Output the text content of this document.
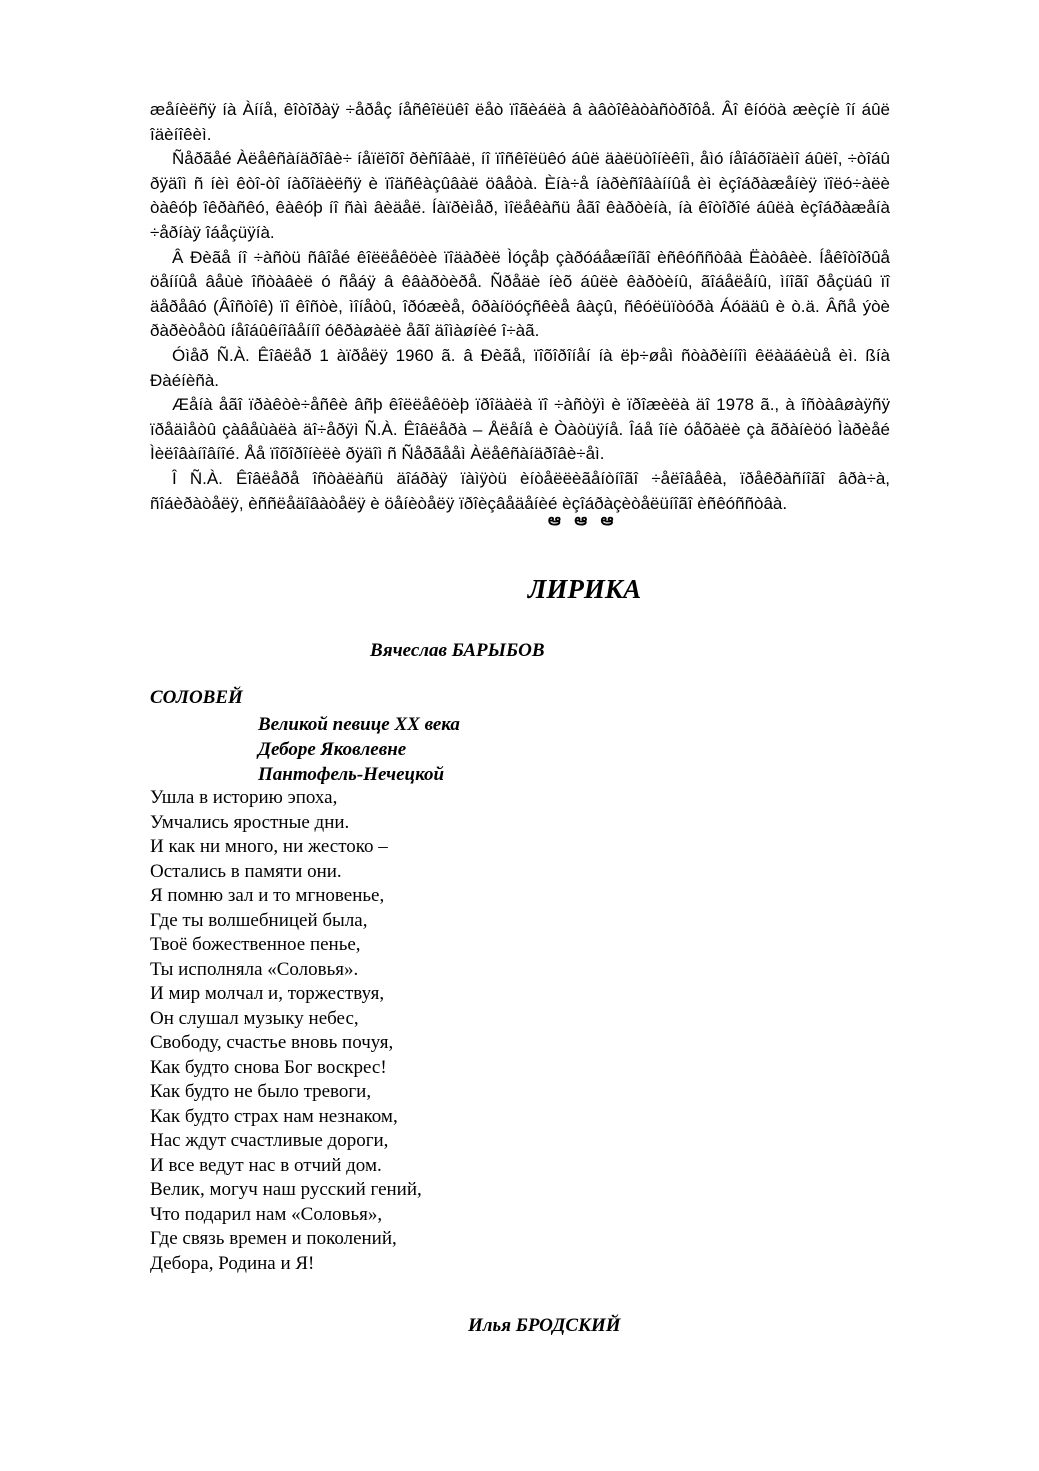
æåíèëñÿ íà Àííå, êîòîðàÿ ÷åðåç íåñêîëüêî ëåò ïîãèáëà â àâòîêàòàñòðîôå. Âî êíóöà æèçíè îí áûë îäèíîêèì.

Ñåðãåé Àëåêñàíäðîâè÷ íåïëîõî ðèñîâàë, íî ïîñêîëüêó áûë äàëüòîíèêîì, åìó íåîáõîäèìî áûëî, ÷òîáû ðÿäîì ñ íèì êòî-òî íàõîäèëñÿ è ïîäñêàçûâàë öâåòà. Èíà÷å íàðèñîâàííûå èì èçîáðàæåíèÿ ïîëó÷àëè òàêóþ îêðàñêó, êàêóþ íî ñàì âèäåë. Íàïðèìåð, ìîëåêàñü åãî êàðòèíà, íà êîòîðîé áûëà èçîáðàæåíà ÷åðíàÿ îáåçüÿíà.

Â Ðèãå íî ÷àñòü ñâîåé êîëëåêöèè ïîäàðèë Ìóçåþ çàðóáåæíîãî èñêóññòâà Ëàòâèè. Íåêîòîðûå öåííûå âåùè îñòàâèë ó ñåáÿ â êâàðòèðå. Ñðåäè íèõ áûëè êàðòèíû, ãîáåëåíû, ìíîãî ðåçüáû ïî äåðåâó (Âîñòîê) ïî êîñòè, ìîíåòû, îðóæèå, ôðàíöóçñêèå âàçû, ñêóëüïòóðà Áóääû è ò.ä. Âñå ýòè ðàðèòåòû íåîáûêíîâåííî óêðàøàëè åãî äîìàøíèé î÷àã.

Óìåð Ñ.À. Êîâëåð 1 àïðåëÿ 1960 ã. â Ðèãå, ïîõîðîíåí íà ëþ÷øåì ñòàðèííîì êëàäáèùå èì. ßíà Ðàéíèñà.

Æåíà åãî ïðàêòè÷åñêè âñþ êîëëåêöèþ ïðîäàëà ïî ÷àñòÿì è ïðîæèëà äî 1978 ã., à îñòàâøàÿñÿ ïðåäìåòû çàâåùàëà äî÷åðÿì Ñ.À. Êîâëåðà – Åëåíå è Òàòüÿíå. Îáå îíè óåõàëè çà ãðàíèöó Ìàðèåé Ìèëîâàíîâíîé. Åå ïîõîðîíèëè ðÿäîì ñ Ñåðãååì Àëåêñàíäðîâè÷åì.

Î Ñ.À. Êîâëåðå îñòàëàñü äîáðàÿ ïàìÿòü èíòåëëèãåíòíîãî ÷åëîâåêà, ïðåêðàñíîãî âðà÷à, ñîáèðàòåëÿ, èññëåäîâàòåëÿ è öåíèòåëÿ ïðîèçâåäåíèé èçîáðàçèòåëüíîãî èñêóññòâà.

ఆ ఆ ఆ
ЛИРИКА
Вячеслав БАРЫБОВ
СОЛОВЕЙ
Великой певице XX века
Деборе Яковлевне
Пантофель-Нечецкой
Ушла в историю эпоха,
Умчались яростные дни.
И как ни много, ни жестоко –
Остались в памяти они.
Я помню зал и то мгновенье,
Где ты волшебницей была,
Твоё божественное пенье,
Ты исполняла «Соловья».
И мир молчал и, торжествуя,
Он слушал музыку небес,
Свободу, счастье вновь почуя,
Как будто снова Бог воскрес!
Как будто не было тревоги,
Как будто страх нам незнаком,
Нас ждут счастливые дороги,
И все ведут нас в отчий дом.
Велик, могуч наш русский гений,
Что подарил нам «Соловья»,
Где связь времен и поколений,
Дебора, Родина и Я!
Илья БРОДСКИЙ
